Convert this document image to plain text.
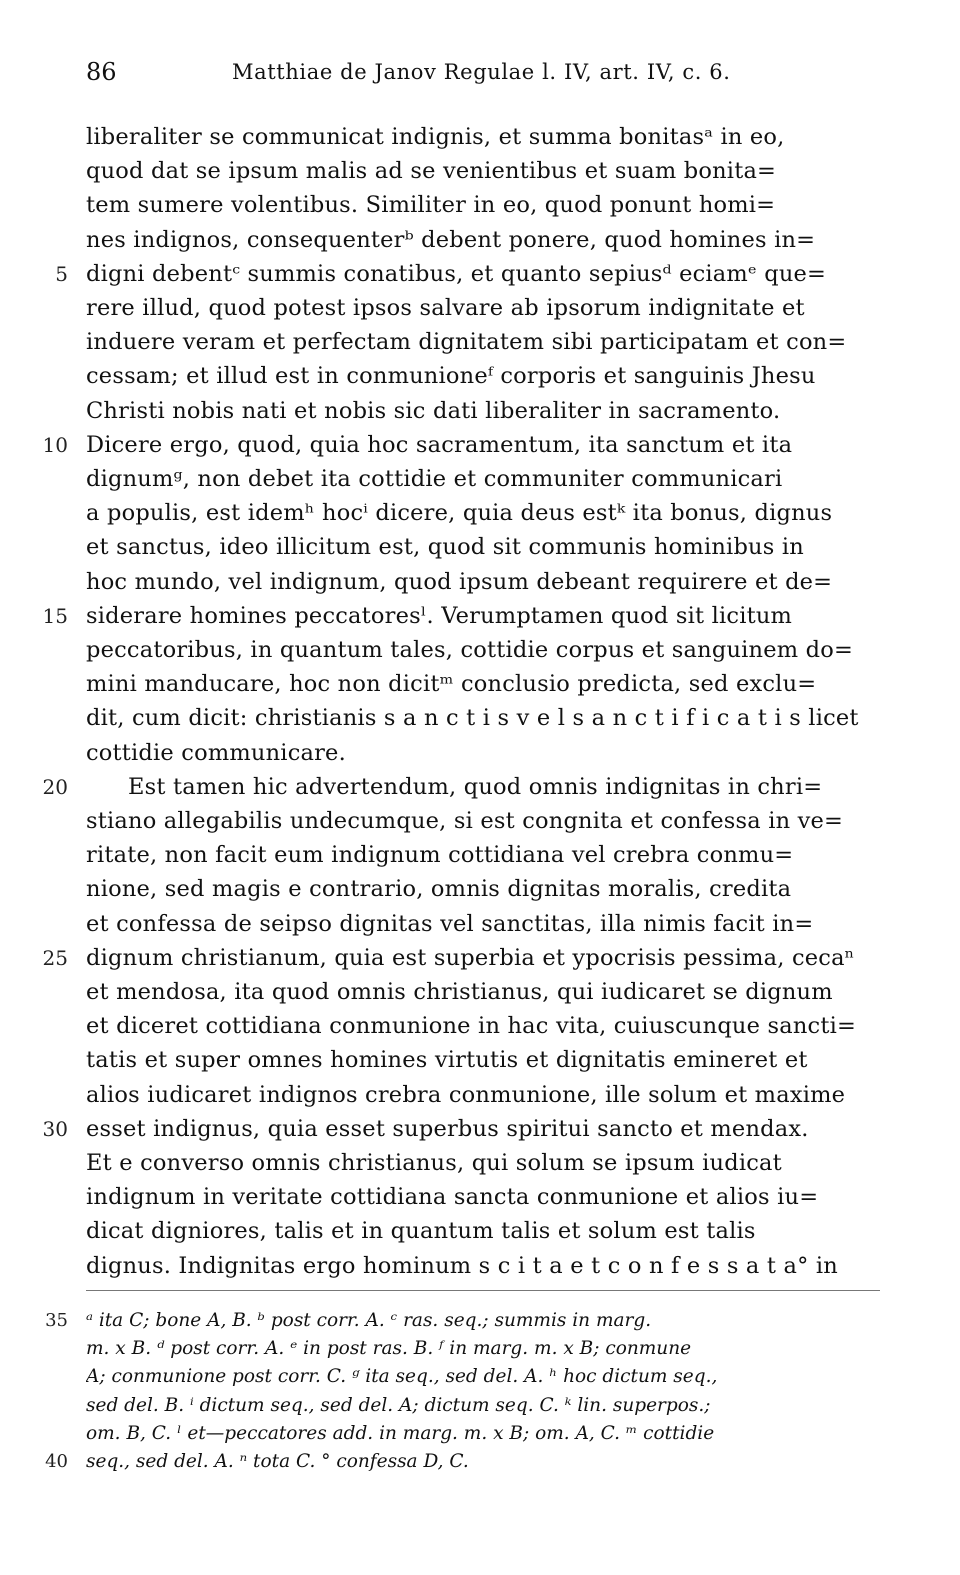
86	Matthiae de Janov Regulae l. IV, art. IV, c. 6.
liberaliter se communicat indignis, et summa bonitasᵃ in eo,
quod dat se ipsum malis ad se venientibus et suam bonita=
tem sumere volentibus. Similiter in eo, quod ponunt homi=
nes indignos, consequenterᵇ debent ponere, quod homines in=
5 digni debentᶜ summis conatibus, et quanto sepiusᵈ eciamᵉ que=
rere illud, quod potest ipsos salvare ab ipsorum indignitate et
induere veram et perfectam dignitatem sibi participatam et con=
cessam; et illud est in conmunioneᶠ corporis et sanguinis Jhesu
Christi nobis nati et nobis sic dati liberaliter in sacramento.
10 Dicere ergo, quod, quia hoc sacramentum, ita sanctum et ita
dignumᵍ, non debet ita cottidie et communiter communicari
a populis, est idemʰ hocⁱ dicere, quia deus estᵏ ita bonus, dignus
et sanctus, ideo illicitum est, quod sit communis hominibus in
hoc mundo, vel indignum, quod ipsum debeant requirere et de=
15 siderare homines peccatoresˡ. Verumptamen quod sit licitum
peccatoribus, in quantum tales, cottidie corpus et sanguinem do=
mini manducare, hoc non dicitᵐ conclusio predicta, sed exclu=
dit, cum dicit: christianis s a n c t i s v e l s a n c t i f i c a t i s licet
cottidie communicare.
20	Est tamen hic advertendum, quod omnis indignitas in chri=
stiano allegabilis undecumque, si est congnita et confessa in ve=
ritate, non facit eum indignum cottidiana vel crebra conmu=
nione, sed magis e contrario, omnis dignitas moralis, credita
et confessa de seipso dignitas vel sanctitas, illa nimis facit in=
25 dignum christianum, quia est superbia et ypocrisis pessima, cecaⁿ
et mendosa, ita quod omnis christianus, qui iudicaret se dignum
et diceret cottidiana conmunione in hac vita, cuiuscunque sancti=
tatis et super omnes homines virtutis et dignitatis emineret et
alios iudicaret indignos crebra conmunione, ille solum et maxime
30 esset indignus, quia esset superbus spiritui sancto et mendax.
Et e converso omnis christianus, qui solum se ipsum iudicat
indignum in veritate cottidiana sancta conmunione et alios iu=
dicat digniores, talis et in quantum talis et solum est talis
dignus. Indignitas ergo hominum s c i t a e t c o n f e s s a t a° in
35 ᵃ ita C; bone A, B. ᵇ post corr. A. ᶜ ras. seq.; summis in marg.
m. x B. ᵈ post corr. A. ᵉ in post ras. B. ᶠ in marg. m. x B; conmune
A; conmunione post corr. C. ᵍ ita seq., sed del. A. ʰ hoc dictum seq.,
sed del. B. ⁱ dictum seq., sed del. A; dictum seq. C. ᵏ lin. superpos.;
om. B, C. ˡ et—peccatores add. in marg. m. x B; om. A, C. ᵐ cottidie
40 seq., sed del. A. ⁿ tota C. ° confessa D, C.
